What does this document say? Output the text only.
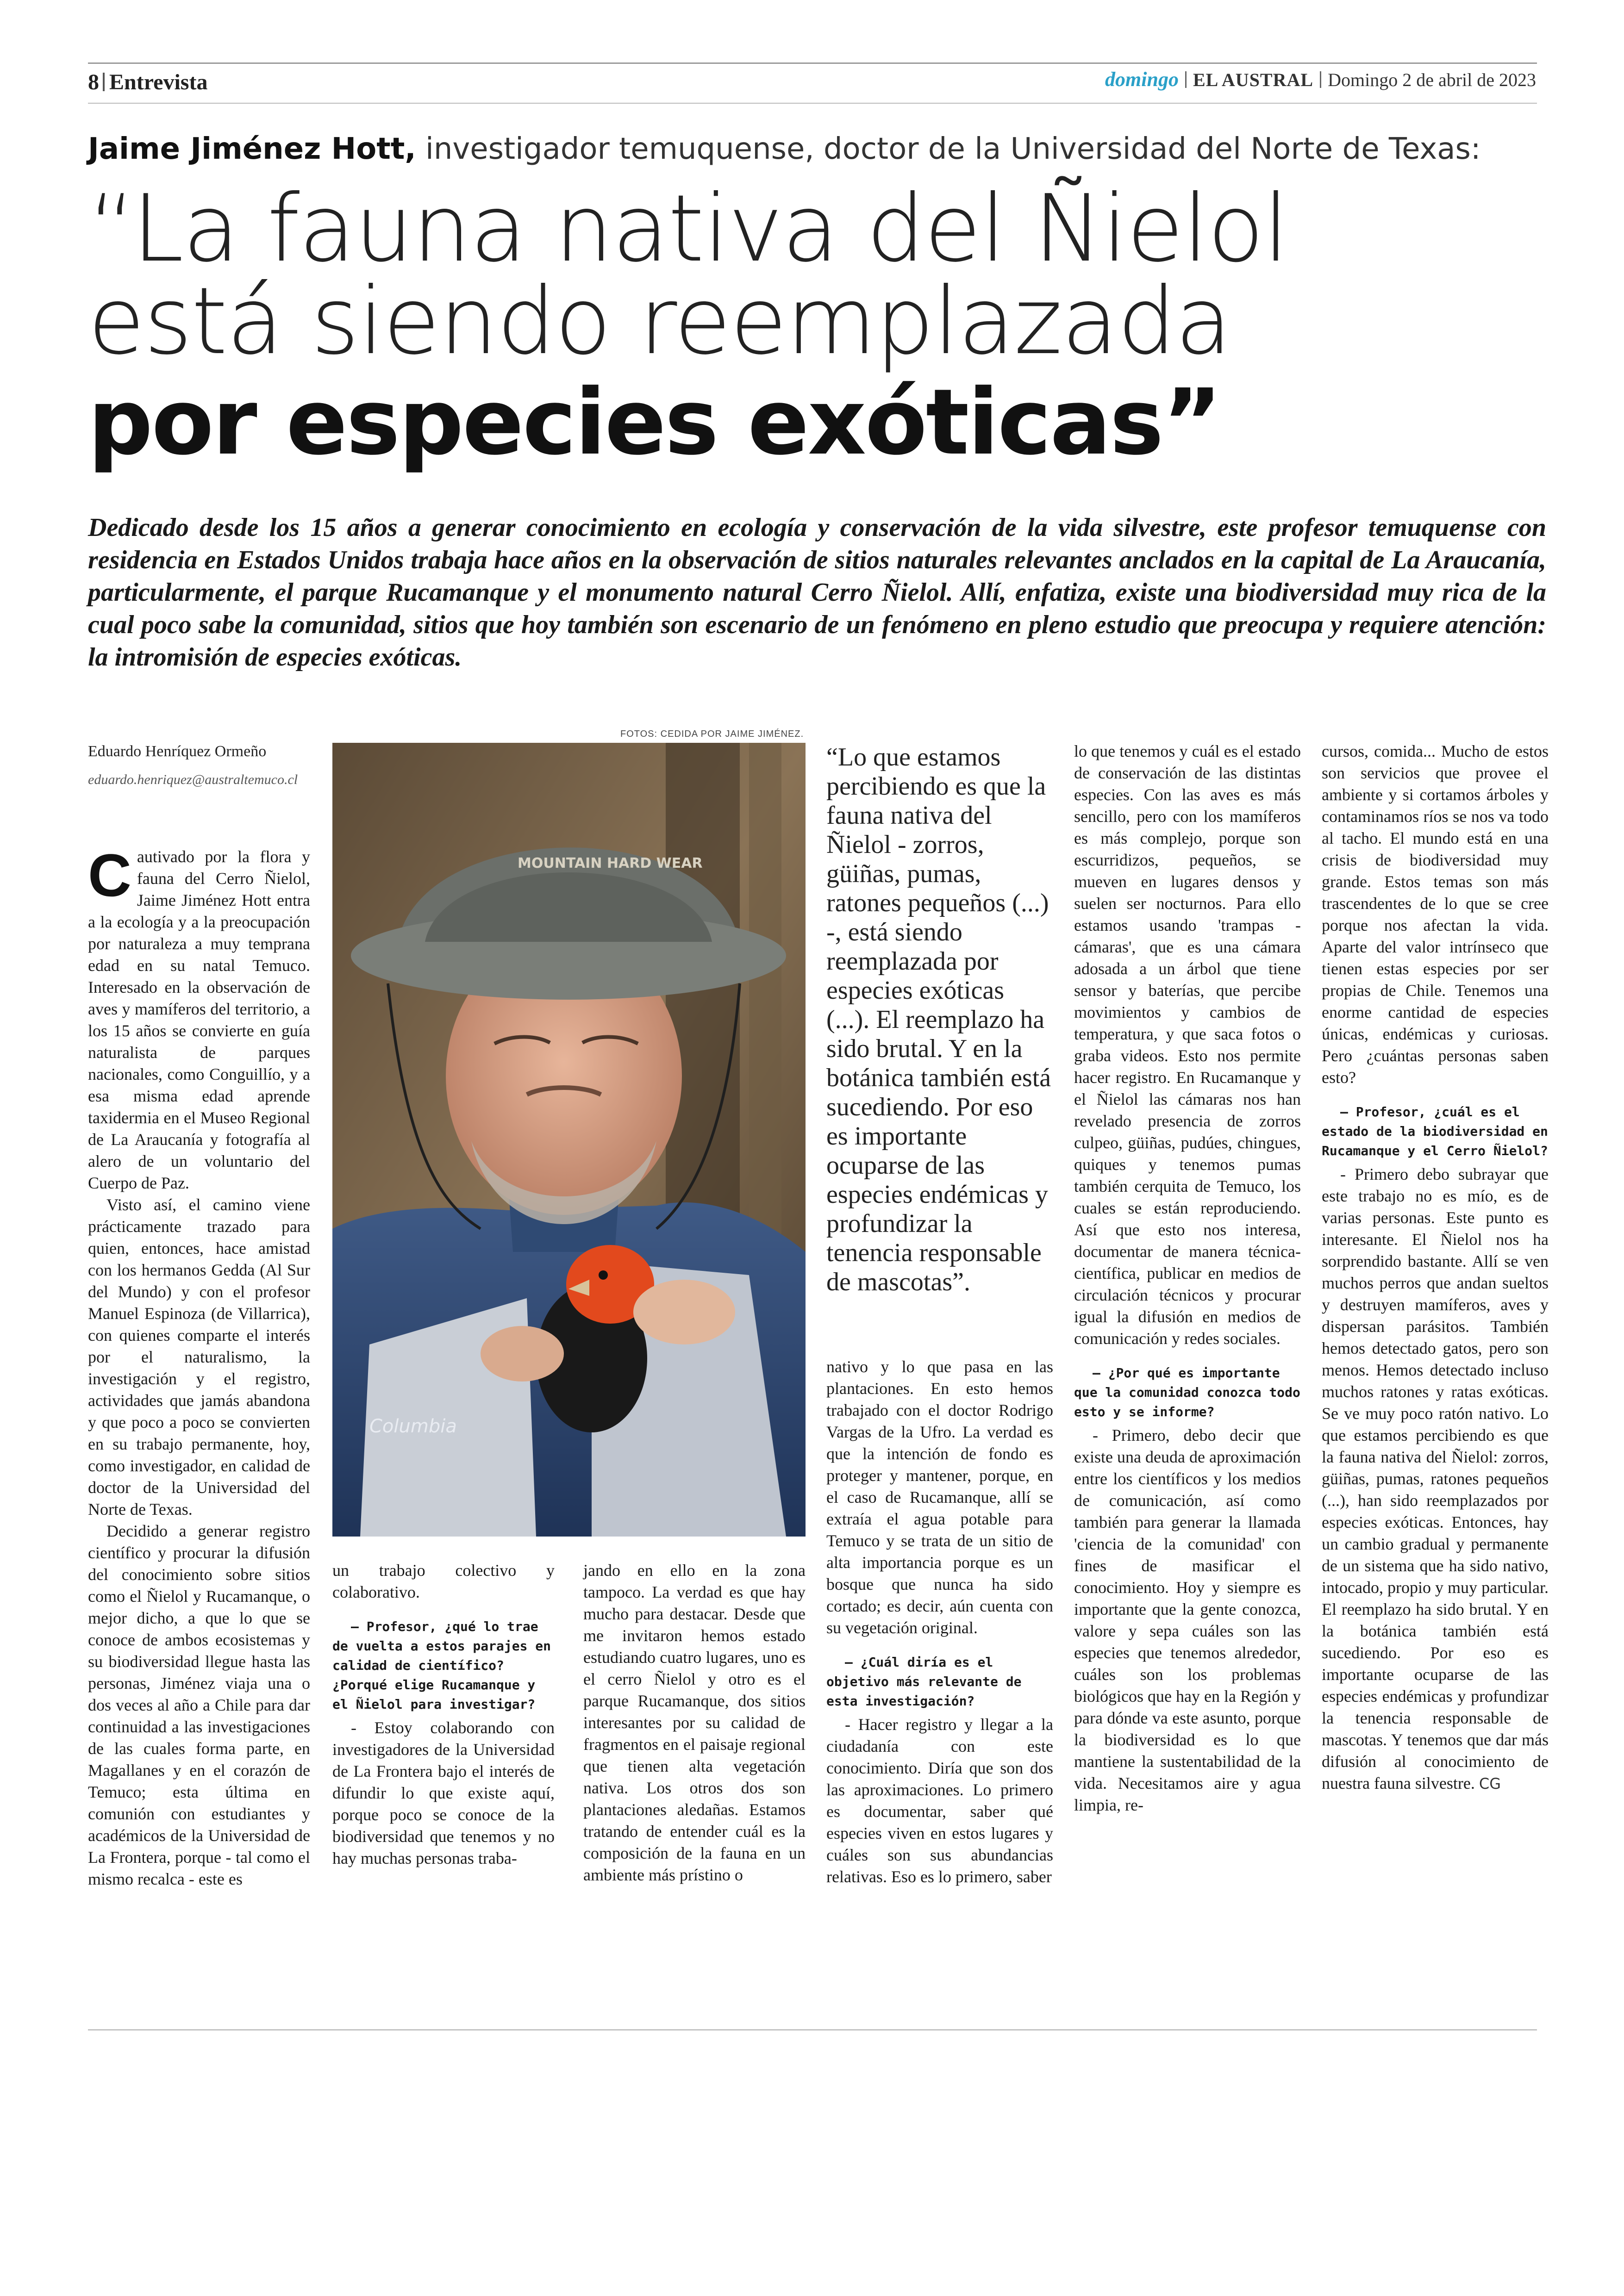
8 Entrevista	domingo EL AUSTRAL Domingo 2 de abril de 2023
Jaime Jiménez Hott, investigador temuquense, doctor de la Universidad del Norte de Texas:
“La fauna nativa del Ñielol
está siendo reemplazada
por especies exóticas”
Dedicado desde los 15 años a generar conocimiento en ecología y conservación de la vida silvestre, este profesor temuquense con residencia en Estados Unidos trabaja hace años en la observación de sitios naturales relevantes anclados en la capital de La Araucanía, particularmente, el parque Rucamanque y el monumento natural Cerro Ñielol. Allí, enfatiza, existe una biodiversidad muy rica de la cual poco sabe la comunidad, sitios que hoy también son escenario de un fenómeno en pleno estudio que preocupa y requiere atención: la intromisión de especies exóticas.
Eduardo Henríquez Ormeño
eduardo.henriquez@australtemuco.cl

Cautivado por la flora y fauna del Cerro Ñielol, Jaime Jiménez Hott entra a la ecología y a la preocupación por naturaleza a muy temprana edad en su natal Temuco. Interesado en la observación de aves y mamíferos del territorio, a los 15 años se convierte en guía naturalista de parques nacionales, como Conguillío, y a esa misma edad aprende taxidermia en el Museo Regional de La Araucanía y fotografía al alero de un voluntario del Cuerpo de Paz.

Visto así, el camino viene prácticamente trazado para quien, entonces, hace amistad con los hermanos Gedda (Al Sur del Mundo) y con el profesor Manuel Espinoza (de Villarrica), con quienes comparte el interés por el naturalismo, la investigación y el registro, actividades que jamás abandona y que poco a poco se convierten en su trabajo permanente, hoy, como investigador, en calidad de doctor de la Universidad del Norte de Texas.

Decidido a generar registro científico y procurar la difusión del conocimiento sobre sitios como el Ñielol y Rucamanque, o mejor dicho, a que lo que se conoce de ambos ecosistemas y su biodiversidad llegue hasta las personas, Jiménez viaja una o dos veces al año a Chile para dar continuidad a las investigaciones de las cuales forma parte, en Magallanes y en el corazón de Temuco; esta última en comunión con estudiantes y académicos de la Universidad de La Frontera, porque - tal como el mismo recalca - este es

FOTOS: CEDIDA POR JAIME JIMÉNEZ.
MOUNTAIN HARD WEAR
Columbia
“Lo que estamos percibiendo es que la fauna nativa del Ñielol - zorros, güiñas, pumas, ratones pequeños (...) -, está siendo reemplazada por especies exóticas (...). El reemplazo ha sido brutal. Y en la botánica también está sucediendo. Por eso es importante ocuparse de las especies endémicas y profundizar la tenencia responsable de mascotas”.

un trabajo colectivo y colaborativo.

– Profesor, ¿qué lo trae de vuelta a estos parajes en calidad de científico? ¿Porqué elige Rucamanque y el Ñielol para investigar?

- Estoy colaborando con investigadores de la Universidad de La Frontera bajo el interés de difundir lo que existe aquí, porque poco se conoce de la biodiversidad que tenemos y no hay muchas personas traba-

jando en ello en la zona tampoco. La verdad es que hay mucho para destacar. Desde que me invitaron hemos estado estudiando cuatro lugares, uno es el cerro Ñielol y otro es el parque Rucamanque, dos sitios interesantes por su calidad de fragmentos en el paisaje regional que tienen alta vegetación nativa. Los otros dos son plantaciones aledañas. Estamos tratando de entender cuál es la composición de la fauna en un ambiente más prístino o

nativo y lo que pasa en las plantaciones. En esto hemos trabajado con el doctor Rodrigo Vargas de la Ufro. La verdad es que la intención de fondo es proteger y mantener, porque, en el caso de Rucamanque, allí se extraía el agua potable para Temuco y se trata de un sitio de alta importancia porque es un bosque que nunca ha sido cortado; es decir, aún cuenta con su vegetación original.

– ¿Cuál diría es el objetivo más relevante de esta investigación?

- Hacer registro y llegar a la ciudadanía con este conocimiento. Diría que son dos las aproximaciones. Lo primero es documentar, saber qué especies viven en estos lugares y cuáles son sus abundancias relativas. Eso es lo primero, saber

lo que tenemos y cuál es el estado de conservación de las distintas especies. Con las aves es más sencillo, pero con los mamíferos es más complejo, porque son escurridizos, pequeños, se mueven en lugares densos y suelen ser nocturnos. Para ello estamos usando 'trampas - cámaras', que es una cámara adosada a un árbol que tiene sensor y baterías, que percibe movimientos y cambios de temperatura, y que saca fotos o graba videos. Esto nos permite hacer registro. En Rucamanque y el Ñielol las cámaras nos han revelado presencia de zorros culpeo, güiñas, pudúes, chingues, quiques y tenemos pumas también cerquita de Temuco, los cuales se están reproduciendo. Así que esto nos interesa, documentar de manera técnica-científica, publicar en medios de circulación técnicos y procurar igual la difusión en medios de comunicación y redes sociales.

– ¿Por qué es importante que la comunidad conozca todo esto y se informe?

- Primero, debo decir que existe una deuda de aproximación entre los científicos y los medios de comunicación, así como también para generar la llamada 'ciencia de la comunidad' con fines de masificar el conocimiento. Hoy y siempre es importante que la gente conozca, valore y sepa cuáles son las especies que tenemos alrededor, cuáles son los problemas biológicos que hay en la Región y para dónde va este asunto, porque la biodiversidad es lo que mantiene la sustentabilidad de la vida. Necesitamos aire y agua limpia, re-

cursos, comida... Mucho de estos son servicios que provee el ambiente y si cortamos árboles y contaminamos ríos se nos va todo al tacho. El mundo está en una crisis de biodiversidad muy grande. Estos temas son más trascendentes de lo que se cree porque nos afectan la vida. Aparte del valor intrínseco que tienen estas especies por ser propias de Chile. Tenemos una enorme cantidad de especies únicas, endémicas y curiosas. Pero ¿cuántas personas saben esto?

– Profesor, ¿cuál es el estado de la biodiversidad en Rucamanque y el Cerro Ñielol?

- Primero debo subrayar que este trabajo no es mío, es de varias personas. Este punto es interesante. El Ñielol nos ha sorprendido bastante. Allí se ven muchos perros que andan sueltos y destruyen mamíferos, aves y dispersan parásitos. También hemos detectado gatos, pero son menos. Hemos detectado incluso muchos ratones y ratas exóticas. Se ve muy poco ratón nativo. Lo que estamos percibiendo es que la fauna nativa del Ñielol: zorros, güiñas, pumas, ratones pequeños (...), han sido reemplazados por especies exóticas. Entonces, hay un cambio gradual y permanente de un sistema que ha sido nativo, intocado, propio y muy particular. El reemplazo ha sido brutal. Y en la botánica también está sucediendo. Por eso es importante ocuparse de las especies endémicas y profundizar la tenencia responsable de mascotas. Y tenemos que dar más difusión al conocimiento de nuestra fauna silvestre. CG
